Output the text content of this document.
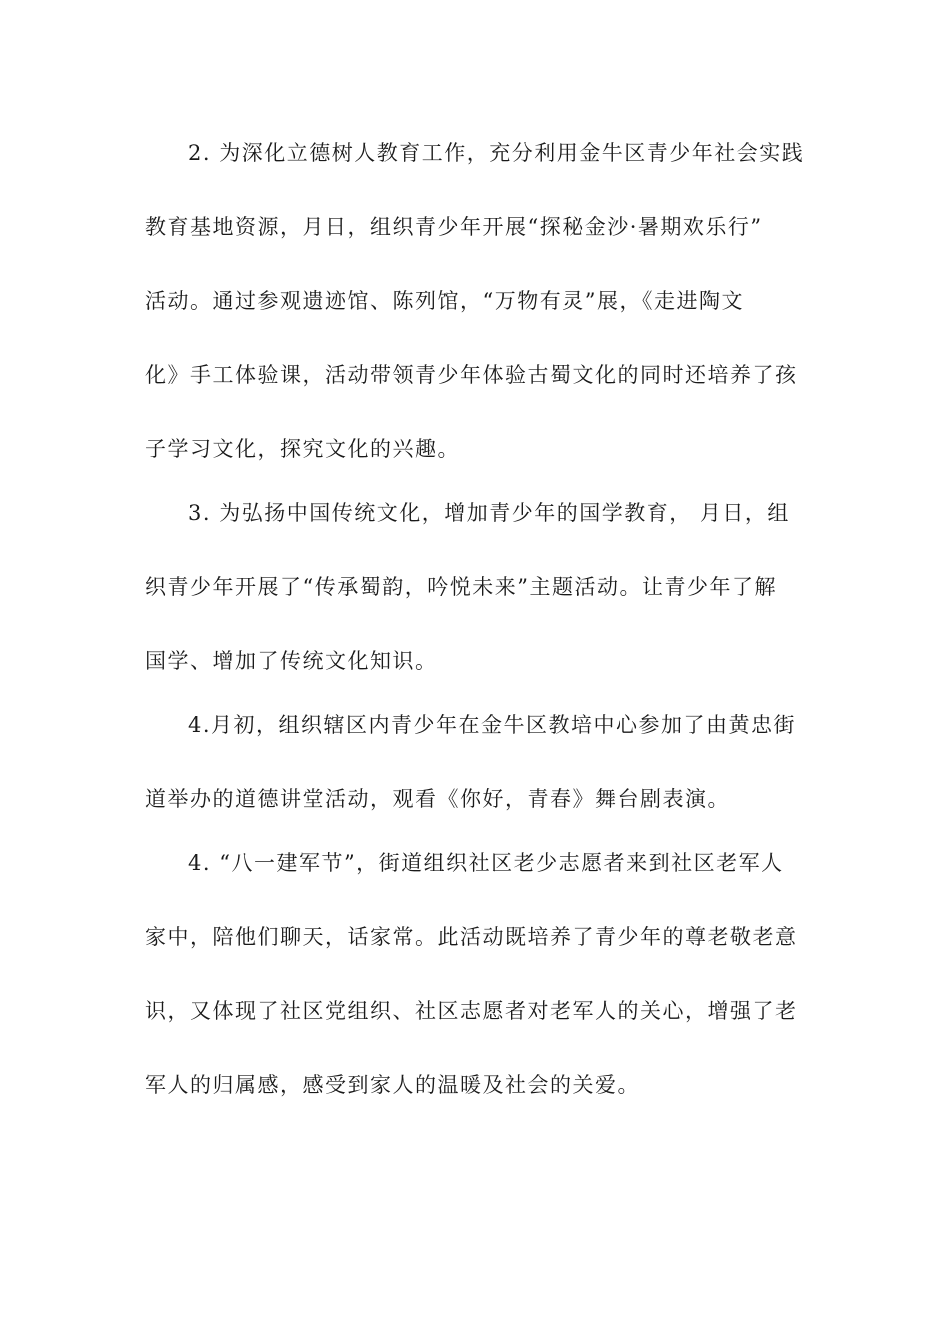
2. 为深化立德树人教育工作，充分利用金牛区青少年社会实践
教育基地资源，月日，组织青少年开展“探秘金沙·暑期欢乐行”
活动。通过参观遗迹馆、陈列馆，“万物有灵”展，《走进陶文
化》手工体验课，活动带领青少年体验古蜀文化的同时还培养了孩
子学习文化，探究文化的兴趣。
3. 为弘扬中国传统文化，增加青少年的国学教育， 月日，组
织青少年开展了“传承蜀韵，吟悦未来”主题活动。让青少年了解
国学、增加了传统文化知识。
4.月初，组织辖区内青少年在金牛区教培中心参加了由黄忠街
道举办的道德讲堂活动，观看《你好，青春》舞台剧表演。
4. “八一建军节”，街道组织社区老少志愿者来到社区老军人
家中，陪他们聊天，话家常。此活动既培养了青少年的尊老敬老意
识，又体现了社区党组织、社区志愿者对老军人的关心，增强了老
军人的归属感，感受到家人的温暖及社会的关爱。
